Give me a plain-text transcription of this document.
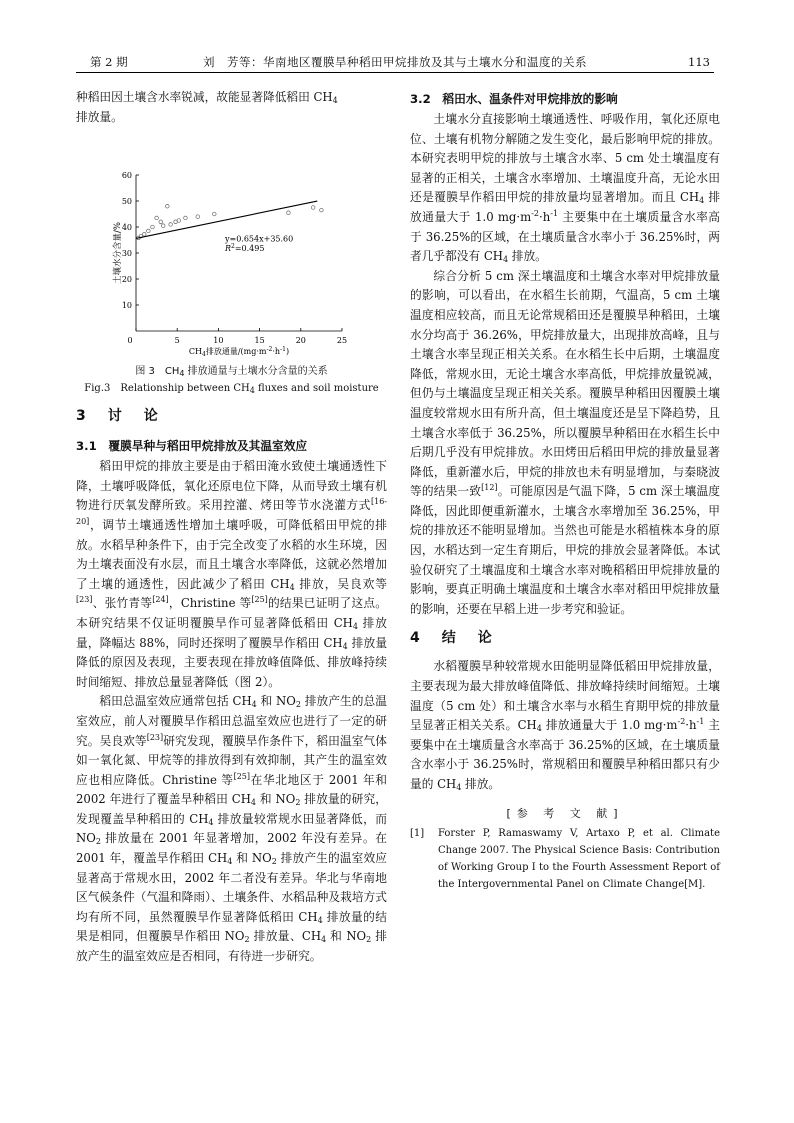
第 2 期	刘　芳等：华南地区覆膜旱种稻田甲烷排放及其与土壤水分和温度的关系	113

种稻田因土壤含水率锐减，故能显著降低稻田 $CH_4$
排放量。

0	5	10	15	20	25
10
20
30
40
50
60
土壤水分含量/%
$CH_4$排放通量$/(mg\cdot m^{-2}\cdot h^{-1})$
y=0.654x+35.60
$R^2=0.495$
图 3　$CH_4$ 排放通量与土壤水分含量的关系
Fig.3　Relationship between $CH_4$ fluxes and soil moisture
3　讨　论
3.1　覆膜旱种与稻田甲烷排放及其温室效应

稻田甲烷的排放主要是由于稻田淹水致使土壤通透性下降，土壤呼吸降低，氧化还原电位下降，从而导致土壤有机物进行厌氧发酵所致。采用控灌、烤田等节水浇灌方式[16-20]，调节土壤通透性增加土壤呼吸，可降低稻田甲烷的排放。水稻旱种条件下，由于完全改变了水稻的水生环境，因为土壤表面没有水层，而且土壤含水率降低，这就必然增加了土壤的通透性，因此减少了稻田 $CH_4$ 排放，吴良欢等[23]、张竹青等[24]，Christine 等[25]的结果已证明了这点。本研究结果不仅证明覆膜旱作可显著降低稻田 $CH_4$ 排放量，降幅达 88%，同时还探明了覆膜旱作稻田 $CH_4$ 排放量降低的原因及表现，主要表现在排放峰值降低、排放峰持续时间缩短、排放总量显著降低（图 2）。

稻田总温室效应通常包括 $CH_4$ 和 $NO_2$ 排放产生的总温室效应，前人对覆膜旱作稻田总温室效应也进行了一定的研究。吴良欢等[23]研究发现，覆膜旱作条件下，稻田温室气体如一氧化氮、甲烷等的排放得到有效抑制，其产生的温室效应也相应降低。Christine 等[25]在华北地区于 2001 年和 2002 年进行了覆盖旱种稻田 $CH_4$ 和 $NO_2$ 排放量的研究，发现覆盖旱种稻田的 $CH_4$ 排放量较常规水田显著降低，而 $NO_2$ 排放量在 2001 年显著增加，2002 年没有差异。在 2001 年，覆盖旱作稻田 $CH_4$ 和 $NO_2$ 排放产生的温室效应显著高于常规水田，2002 年二者没有差异。华北与华南地区气候条件（气温和降雨）、土壤条件、水稻品种及栽培方式均有所不同，虽然覆膜旱作显著降低稻田 $CH_4$ 排放量的结果是相同，但覆膜旱作稻田 $NO_2$ 排放量、$CH_4$ 和 $NO_2$ 排放产生的温室效应是否相同，有待进一步研究。

3.2　稻田水、温条件对甲烷排放的影响

土壤水分直接影响土壤通透性、呼吸作用，氧化还原电位、土壤有机物分解随之发生变化，最后影响甲烷的排放。本研究表明甲烷的排放与土壤含水率、5 cm 处土壤温度有显著的正相关，土壤含水率增加、土壤温度升高，无论水田还是覆膜旱作稻田甲烷的排放量均显著增加。而且 $CH_4$ 排放通量大于 1.0 $mg\cdot m^{-2}\cdot h^{-1}$ 主要集中在土壤质量含水率高于 36.25%的区域，在土壤质量含水率小于 36.25%时，两者几乎都没有 $CH_4$ 排放。

综合分析 5 cm 深土壤温度和土壤含水率对甲烷排放量的影响，可以看出，在水稻生长前期，气温高，5 cm 土壤温度相应较高，而且无论常规稻田还是覆膜旱种稻田，土壤水分均高于 36.26%，甲烷排放量大，出现排放高峰，且与土壤含水率呈现正相关关系。在水稻生长中后期，土壤温度降低，常规水田，无论土壤含水率高低，甲烷排放量锐减，但仍与土壤温度呈现正相关关系。覆膜旱种稻田因覆膜土壤温度较常规水田有所升高，但土壤温度还是呈下降趋势，且土壤含水率低于 36.25%，所以覆膜旱种稻田在水稻生长中后期几乎没有甲烷排放。水田烤田后稻田甲烷的排放量显著降低，重新灌水后，甲烷的排放也未有明显增加，与秦晓波等的结果一致[12]。可能原因是气温下降，5 cm 深土壤温度降低，因此即便重新灌水，土壤含水率增加至 36.25%，甲烷的排放还不能明显增加。当然也可能是水稻植株本身的原因，水稻达到一定生育期后，甲烷的排放会显著降低。本试验仅研究了土壤温度和土壤含水率对晚稻稻田甲烷排放量的影响，要真正明确土壤温度和土壤含水率对稻田甲烷排放量的影响，还要在早稻上进一步考究和验证。

4　结　论

水稻覆膜旱种较常规水田能明显降低稻田甲烷排放量，主要表现为最大排放峰值降低、排放峰持续时间缩短。土壤温度（5 cm 处）和土壤含水率与水稻生育期甲烷的排放量呈显著正相关关系。$CH_4$ 排放通量大于 1.0 $mg\cdot m^{-2}\cdot h^{-1}$ 主要集中在土壤质量含水率高于 36.25%的区域，在土壤质量含水率小于 36.25%时，常规稻田和覆膜旱种稻田都只有少量的 $CH_4$ 排放。

[参 考 文 献]
[1]	Forster P, Ramaswamy V, Artaxo P, et al. Climate Change 2007. The Physical Science Basis: Contribution of Working Group I to the Fourth Assessment Report of the Intergovernmental Panel on Climate Change[M].
